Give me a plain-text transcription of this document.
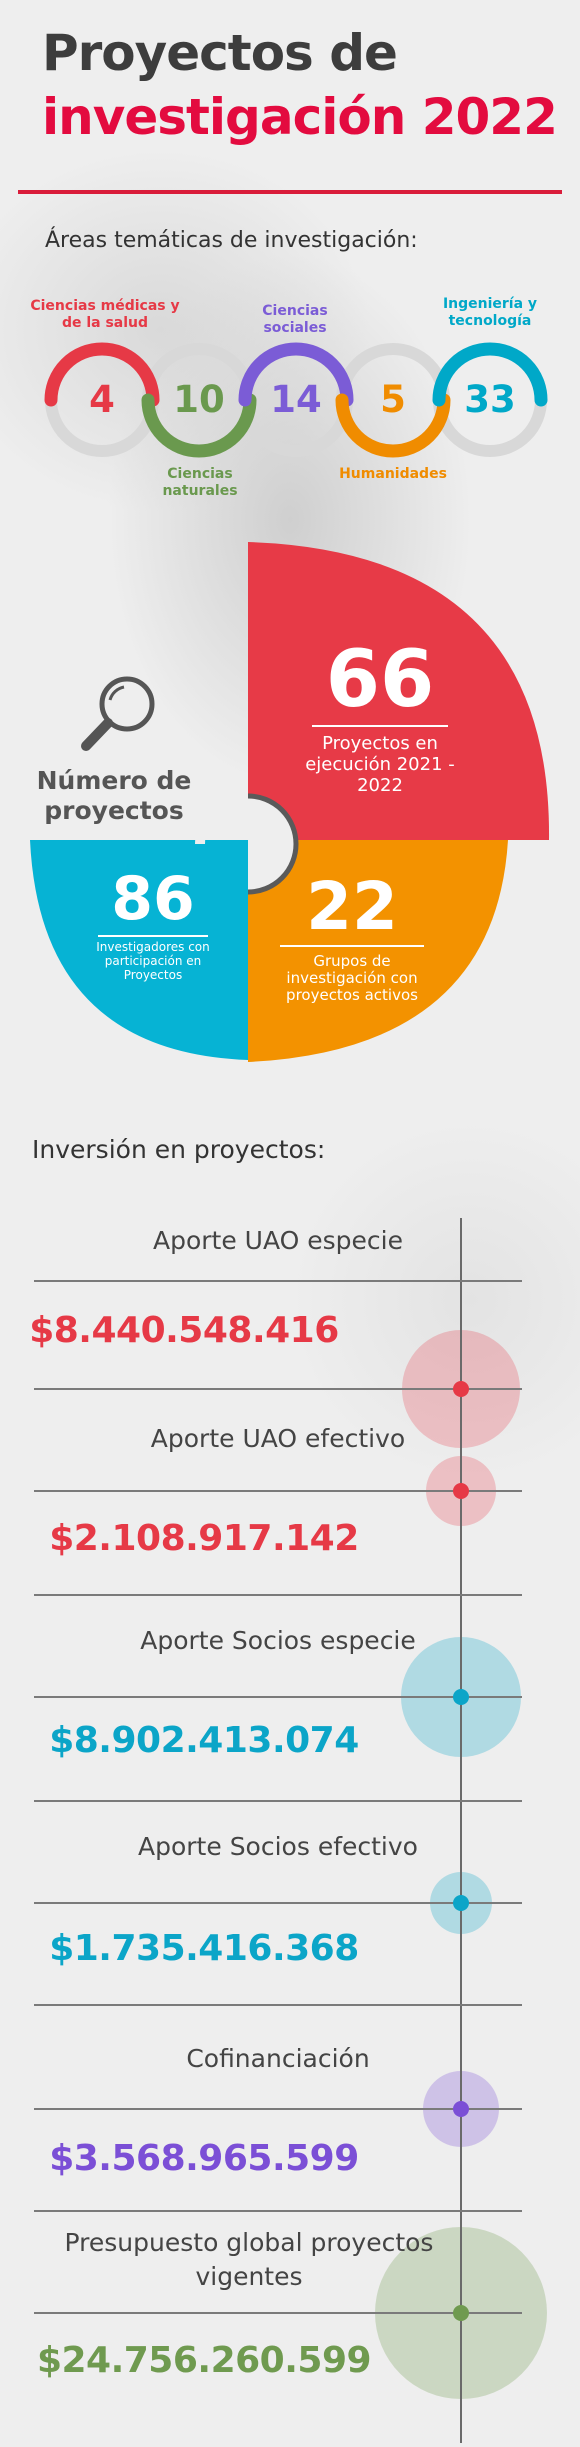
Proyectos de
investigación 2022
Áreas temáticas de investigación:
Ciencias médicas y de la salud
Ciencias sociales
Ingeniería y tecnología
4	10	14	5	33
Ciencias naturales
Humanidades
Número de proyectos
66
Proyectos en ejecución 2021 - 2022
22
Grupos de investigación con proyectos activos
86
Investigadores con participación en Proyectos
Inversión en proyectos:
Aporte UAO especie
$8.440.548.416
Aporte UAO efectivo
$2.108.917.142
Aporte Socios especie
$8.902.413.074
Aporte Socios efectivo
$1.735.416.368
Cofinanciación
$3.568.965.599
Presupuesto global proyectos vigentes
$24.756.260.599
